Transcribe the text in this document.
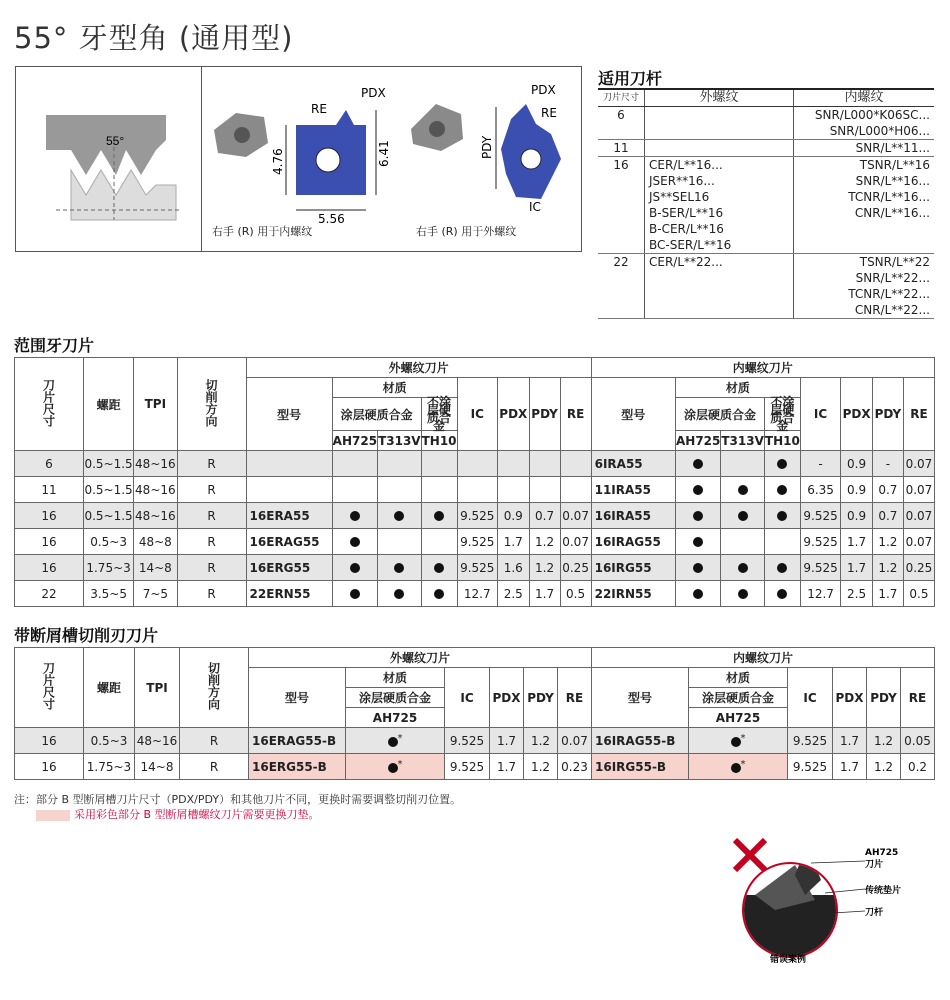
55° 牙型角 (通用型)
55°
RE
PDX
4.76	6.41
5.56
右手 (R) 用于内螺纹
PDX
RE
PDY
IC
右手 (R) 用于外螺纹
适用刀杆
刀片尺寸	外螺纹	内螺纹
6		SNR/L000*K06SC...
		SNR/L000*H06...
11		SNR/L**11...
16	CER/L**16...	TSNR/L**16
	JSER**16...	SNR/L**16...
	JS**SEL16	TCNR/L**16...
	B-SER/L**16	CNR/L**16...
	B-CER/L**16	
	BC-SER/L**16	
22	CER/L**22...	TSNR/L**22
		SNR/L**22...
		TCNR/L**22...
		CNR/L**22...
范围牙刀片
刀片尺寸	螺距	TPI	切削方向	外螺纹刀片								内螺纹刀片							
				型号	材质			IC	PDX	PDY	RE	型号	材质			IC	PDX	PDY	RE
					涂层硬质合金		不涂层硬质合金						涂层硬质合金		不涂层硬质合金				
					AH725	T313V	TH10						AH725	T313V	TH10				
6	0.5~1.5	48~16	R									6IRA55				-	0.9	-	0.07
11	0.5~1.5	48~16	R									11IRA55				6.35	0.9	0.7	0.07
16	0.5~1.5	48~16	R	16ERA55				9.525	0.9	0.7	0.07	16IRA55				9.525	0.9	0.7	0.07
16	0.5~3	48~8	R	16ERAG55				9.525	1.7	1.2	0.07	16IRAG55				9.525	1.7	1.2	0.07
16	1.75~3	14~8	R	16ERG55				9.525	1.6	1.2	0.25	16IRG55				9.525	1.7	1.2	0.25
22	3.5~5	7~5	R	22ERN55				12.7	2.5	1.7	0.5	22IRN55				12.7	2.5	1.7	0.5
带断屑槽切削刃刀片
刀片尺寸	螺距	TPI	切削方向	外螺纹刀片						内螺纹刀片					
				型号	材质	IC	PDX	PDY	RE	型号	材质	IC	PDX	PDY	RE
					涂层硬质合金						涂层硬质合金				
					AH725						AH725				
16	0.5~3	48~16	R	16ERAG55-B	*	9.525	1.7	1.2	0.07	16IRAG55-B	*	9.525	1.7	1.2	0.05
16	1.75~3	14~8	R	16ERG55-B	*	9.525	1.7	1.2	0.23	16IRG55-B	*	9.525	1.7	1.2	0.2
注：部分 B 型断屑槽刀片尺寸（PDX/PDY）和其他刀片不同，更换时需要调整切削刃位置。
采用彩色部分 B 型断屑槽螺纹刀片需要更换刀垫。
AH725
刀片
传统垫片
刀杆
错误案例
